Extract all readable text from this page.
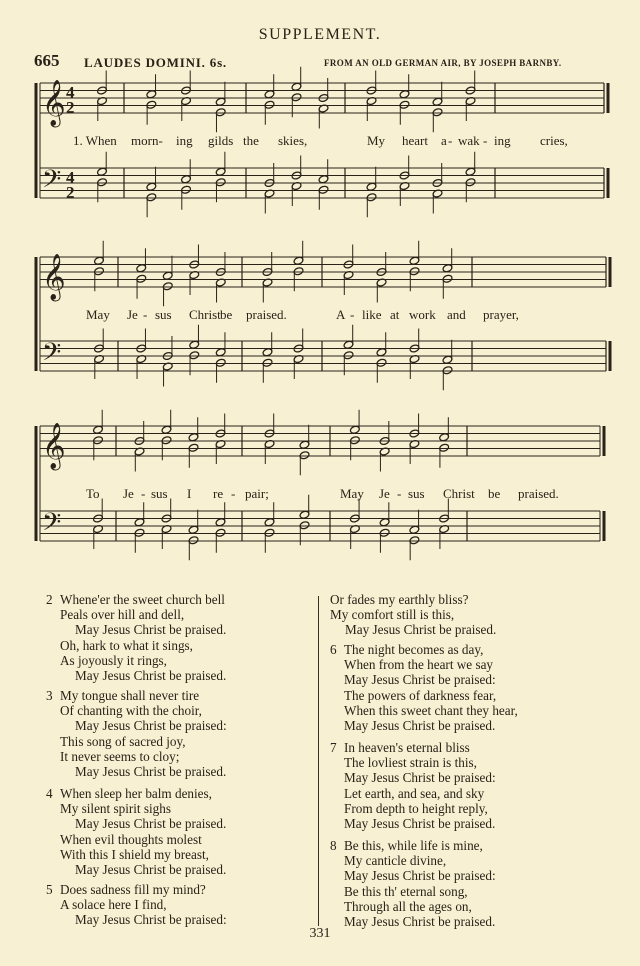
SUPPLEMENT.
665 LAUDES DOMINI. 6s.	FROM AN OLD GERMAN AIR, BY JOSEPH BARNBY.
𝄞 4
2
𝄢 4
2
𝄞
𝄢
𝄞
𝄢
1. When morn- ing gilds the skies,	My heart a - wak - ing cries,
May Je - sus Christ be praised.	A - like at work and prayer,
To Je - sus I re - pair;	May Je - sus Christ be praised.
2 Whene'er the sweet church bell
Peals over hill and dell,
May Jesus Christ be praised.
Oh, hark to what it sings,
As joyously it rings,
May Jesus Christ be praised.
3 My tongue shall never tire
Of chanting with the choir,
May Jesus Christ be praised:
This song of sacred joy,
It never seems to cloy;
May Jesus Christ be praised.
4 When sleep her balm denies,
My silent spirit sighs
May Jesus Christ be praised.
When evil thoughts molest
With this I shield my breast,
May Jesus Christ be praised.
5 Does sadness fill my mind?
A solace here I find,
May Jesus Christ be praised:
Or fades my earthly bliss?
My comfort still is this,
May Jesus Christ be praised.
6 The night becomes as day,
When from the heart we say
May Jesus Christ be praised:
The powers of darkness fear,
When this sweet chant they hear,
May Jesus Christ be praised.
7 In heaven's eternal bliss
The lovliest strain is this,
May Jesus Christ be praised:
Let earth, and sea, and sky
From depth to height reply,
May Jesus Christ be praised.
8 Be this, while life is mine,
My canticle divine,
May Jesus Christ be praised:
Be this th' eternal song,
Through all the ages on,
May Jesus Christ be praised.
331
